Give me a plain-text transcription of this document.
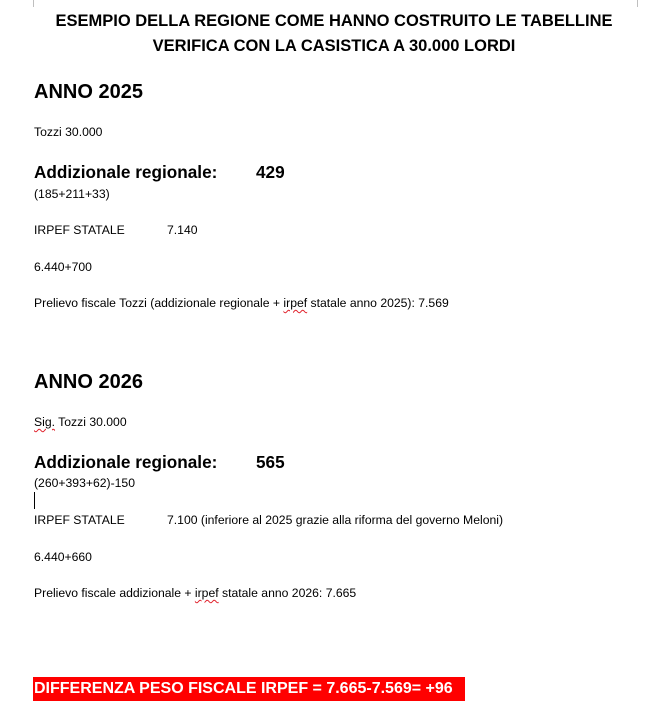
ESEMPIO DELLA REGIONE COME HANNO COSTRUITO LE TABELLINE
VERIFICA CON LA CASISTICA A 30.000 LORDI
ANNO 2025
Tozzi 30.000
Addizionale regionale: 429
(185+211+33)
IRPEF STATALE	7.140
6.440+700
Prelievo fiscale Tozzi (addizionale regionale + irpef statale anno 2025): 7.569
ANNO 2026
Sig. Tozzi 30.000
Addizionale regionale: 565
(260+393+62)-150
IRPEF STATALE	7.100 (inferiore al 2025 grazie alla riforma del governo Meloni)
6.440+660
Prelievo fiscale addizionale + irpef statale anno 2026: 7.665
DIFFERENZA PESO FISCALE IRPEF = 7.665-7.569= +96
